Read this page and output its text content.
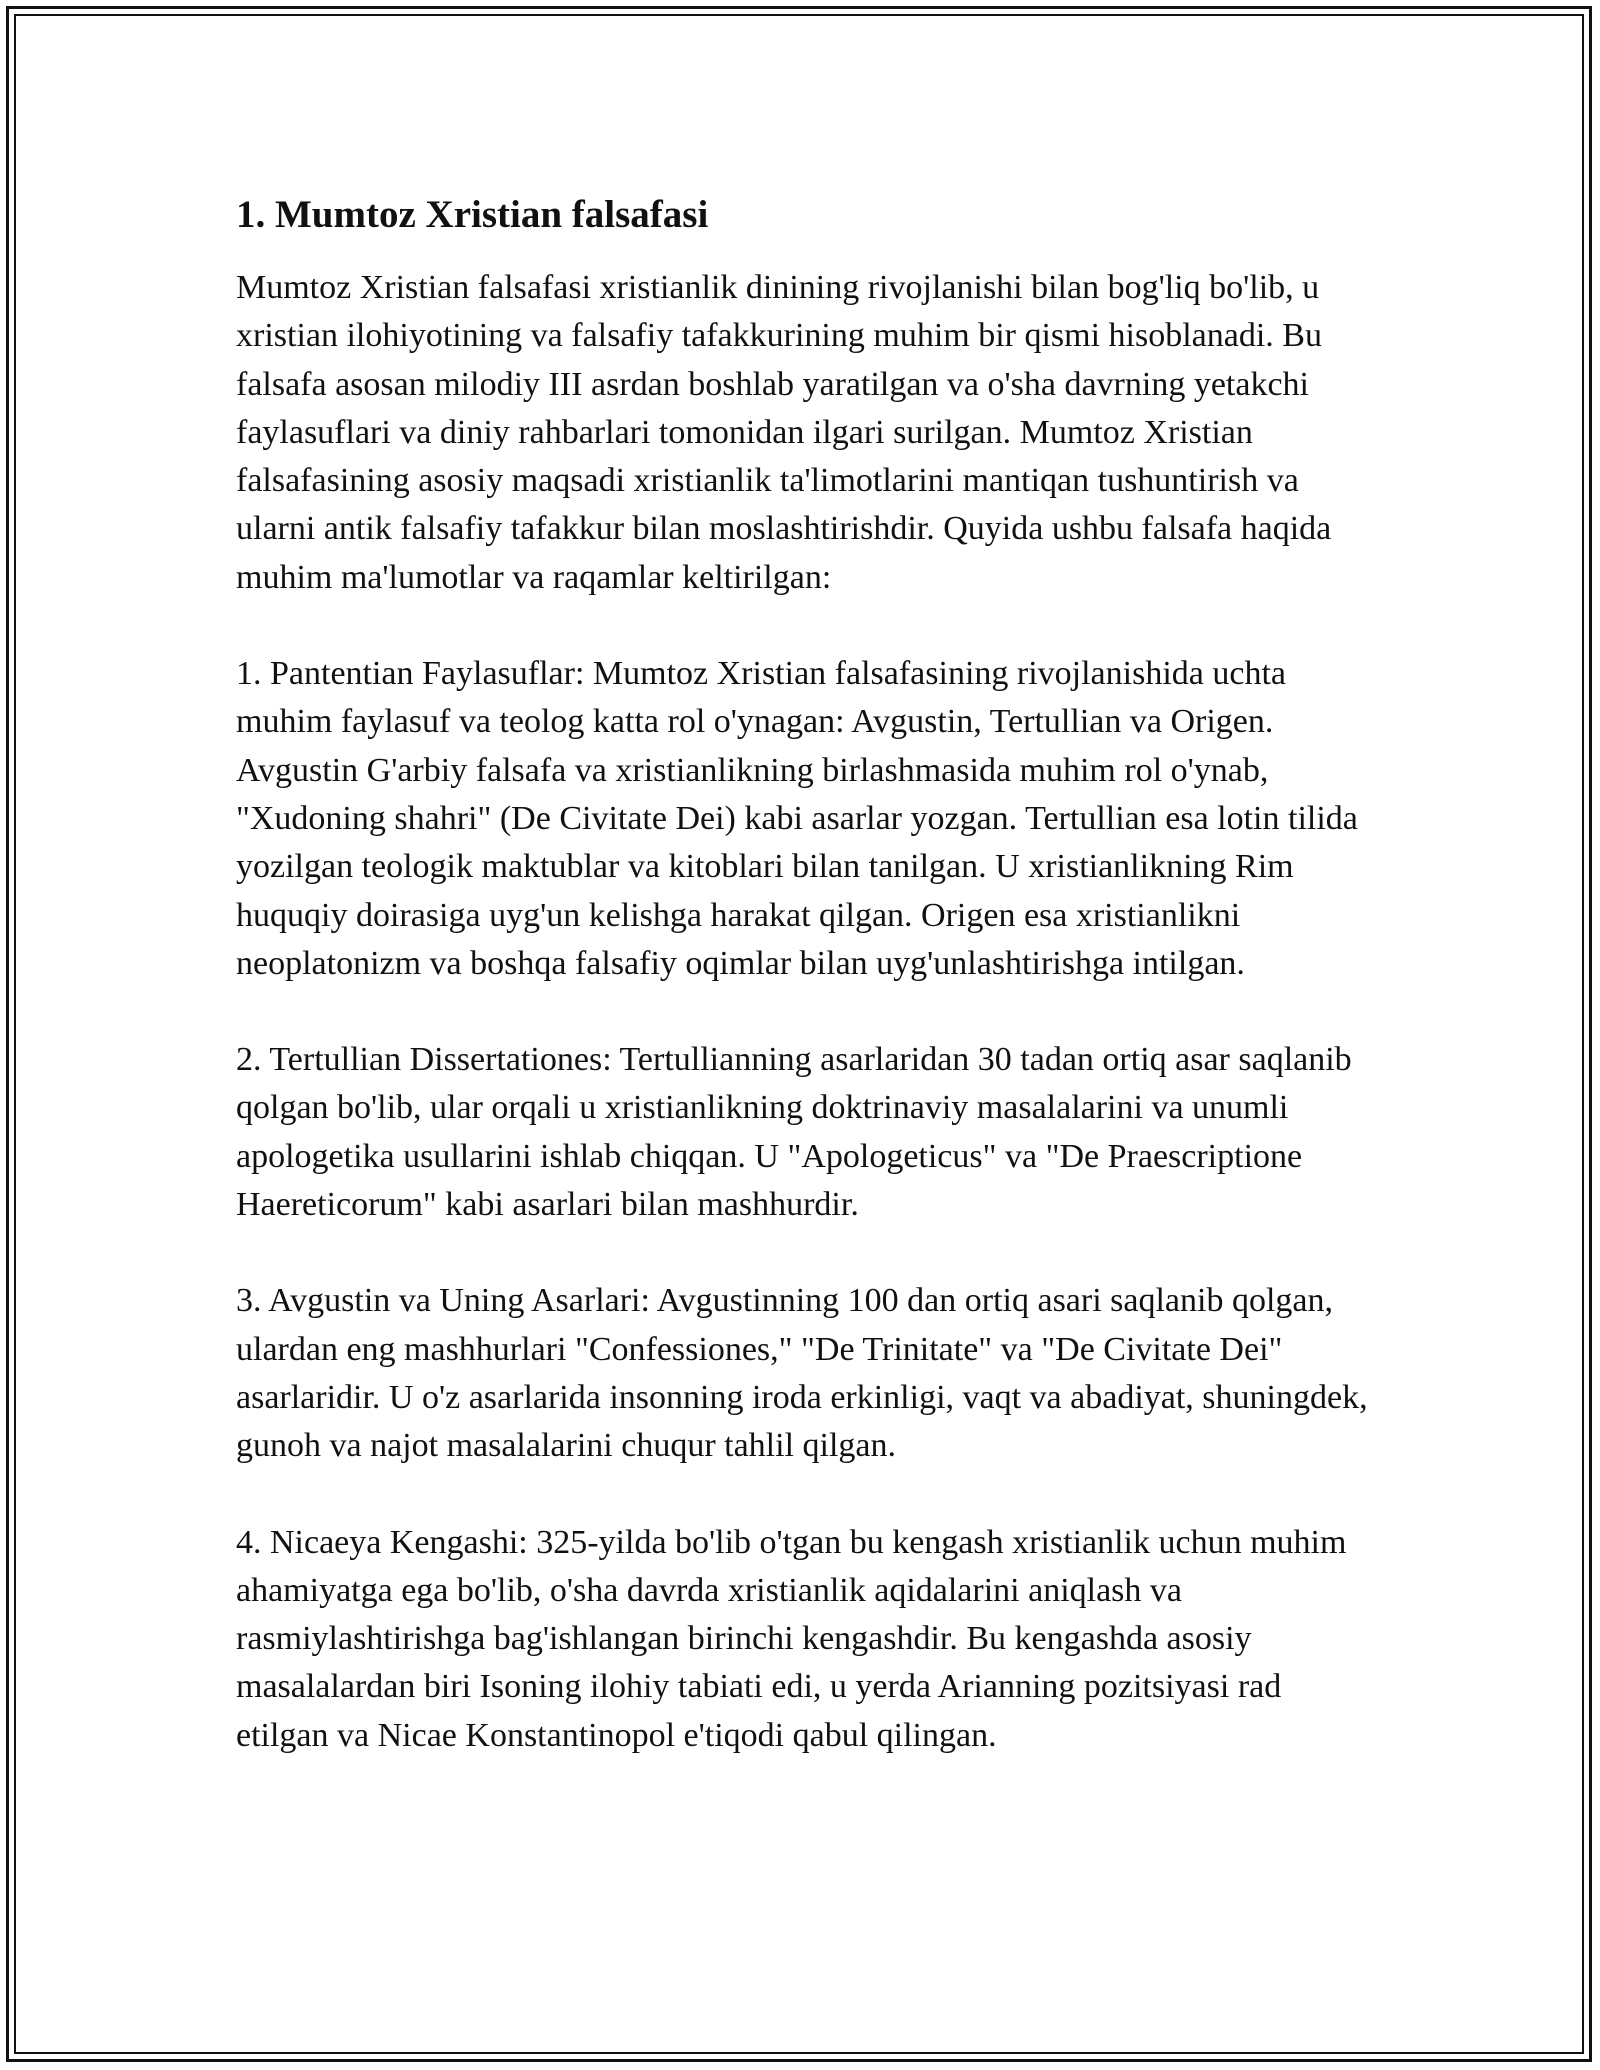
1. Mumtoz Xristian falsafasi

Mumtoz Xristian falsafasi xristianlik dinining rivojlanishi bilan bog'liq bo'lib, u xristian ilohiyotining va falsafiy tafakkurining muhim bir qismi hisoblanadi. Bu falsafa asosan milodiy III asrdan boshlab yaratilgan va o'sha davrning yetakchi faylasuflari va diniy rahbarlari tomonidan ilgari surilgan. Mumtoz Xristian falsafasining asosiy maqsadi xristianlik ta'limotlarini mantiqan tushuntirish va ularni antik falsafiy tafakkur bilan moslashtirishdir. Quyida ushbu falsafa haqida muhim ma'lumotlar va raqamlar keltirilgan:

1. Pantentian Faylasuflar: Mumtoz Xristian falsafasining rivojlanishida uchta muhim faylasuf va teolog katta rol o'ynagan: Avgustin, Tertullian va Origen. Avgustin G'arbiy falsafa va xristianlikning birlashmasida muhim rol o'ynab, "Xudoning shahri" (De Civitate Dei) kabi asarlar yozgan. Tertullian esa lotin tilida yozilgan teologik maktublar va kitoblari bilan tanilgan. U xristianlikning Rim huquqiy doirasiga uyg'un kelishga harakat qilgan. Origen esa xristianlikni neoplatonizm va boshqa falsafiy oqimlar bilan uyg'unlashtirishga intilgan.

2. Tertullian Dissertationes: Tertullianning asarlaridan 30 tadan ortiq asar saqlanib qolgan bo'lib, ular orqali u xristianlikning doktrinaviy masalalarini va unumli apologetika usullarini ishlab chiqqan. U "Apologeticus" va "De Praescriptione Haereticorum" kabi asarlari bilan mashhurdir.

3. Avgustin va Uning Asarlari: Avgustinning 100 dan ortiq asari saqlanib qolgan, ulardan eng mashhurlari "Confessiones," "De Trinitate" va "De Civitate Dei" asarlaridir. U o'z asarlarida insonning iroda erkinligi, vaqt va abadiyat, shuningdek, gunoh va najot masalalarini chuqur tahlil qilgan.

4. Nicaeya Kengashi: 325-yilda bo'lib o'tgan bu kengash xristianlik uchun muhim ahamiyatga ega bo'lib, o'sha davrda xristianlik aqidalarini aniqlash va rasmiylashtirishga bag'ishlangan birinchi kengashdir. Bu kengashda asosiy masalalardan biri Isoning ilohiy tabiati edi, u yerda Arianning pozitsiyasi rad etilgan va Nicae Konstantinopol e'tiqodi qabul qilingan.
